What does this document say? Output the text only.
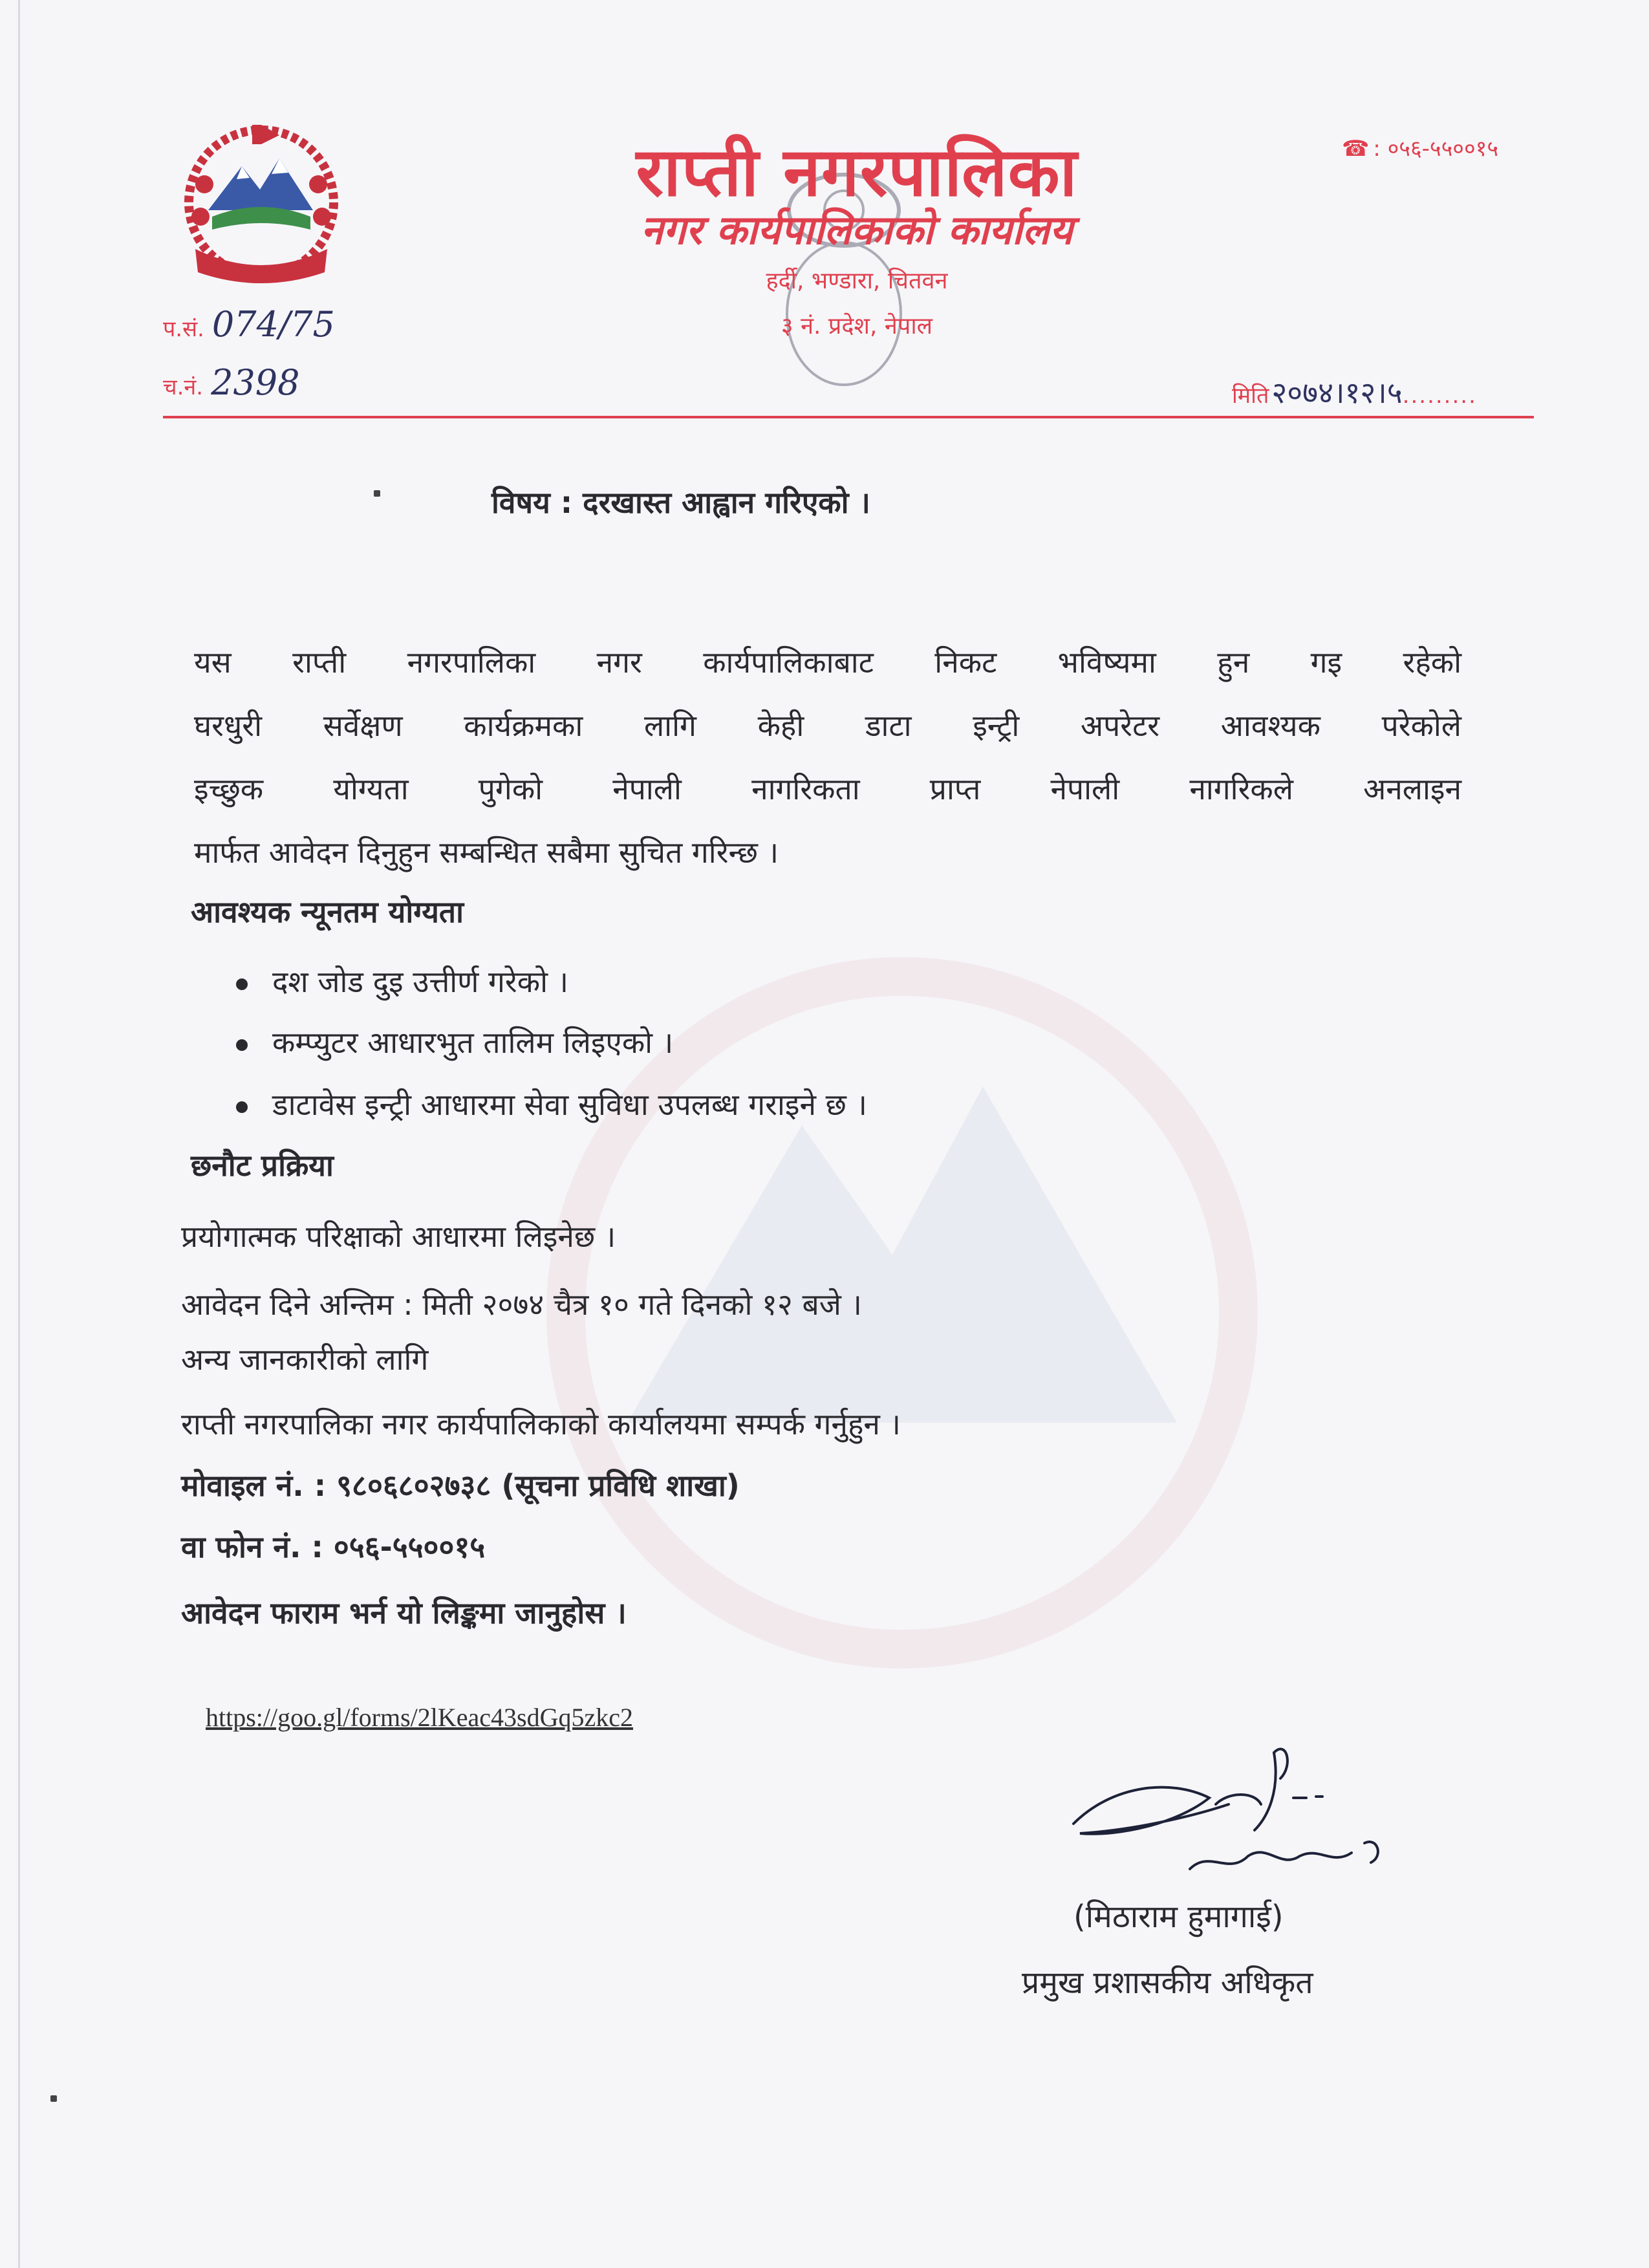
राप्ती नगरपालिका
नगर कार्यपालिकाको कार्यालय
हर्दी, भण्डारा, चितवन
३ नं. प्रदेश, नेपाल
☎ : ०५६-५५००१५
प.सं. 074/75
च.नं. 2398	मिति२०७४।१२।५.........
विषय : दरखास्त आह्वान गरिएको ।
यस राप्ती नगरपालिका नगर कार्यपालिकाबाट निकट भविष्यमा हुन गइ रहेको
घरधुरी सर्वेक्षण कार्यक्रमका लागि केही डाटा इन्ट्री अपरेटर आवश्यक परेकोले
इच्छुक योग्यता पुगेको नेपाली नागरिकता प्राप्त नेपाली नागरिकले अनलाइन
मार्फत आवेदन दिनुहुन सम्बन्धित सबैमा सुचित गरिन्छ ।
आवश्यक न्यूनतम योग्यता
दश जोड दुइ उत्तीर्ण गरेको ।
कम्प्युटर आधारभुत तालिम लिइएको ।
डाटावेस इन्ट्री आधारमा सेवा सुविधा उपलब्ध गराइने छ ।
छनौट प्रक्रिया
प्रयोगात्मक परिक्षाको आधारमा लिइनेछ ।
आवेदन दिने अन्तिम : मिती २०७४ चैत्र १० गते दिनको १२ बजे ।
अन्य जानकारीको लागि
राप्ती नगरपालिका नगर कार्यपालिकाको कार्यालयमा सम्पर्क गर्नुहुन ।
मोवाइल नं. : ९८०६८०२७३८ (सूचना प्रविधि शाखा)
वा फोन नं. : ०५६-५५००१५
आवेदन फाराम भर्न यो लिङ्कमा जानुहोस ।
https://goo.gl/forms/2lKeac43sdGq5zkc2
(मिठाराम हुमागाई)
प्रमुख प्रशासकीय अधिकृत
